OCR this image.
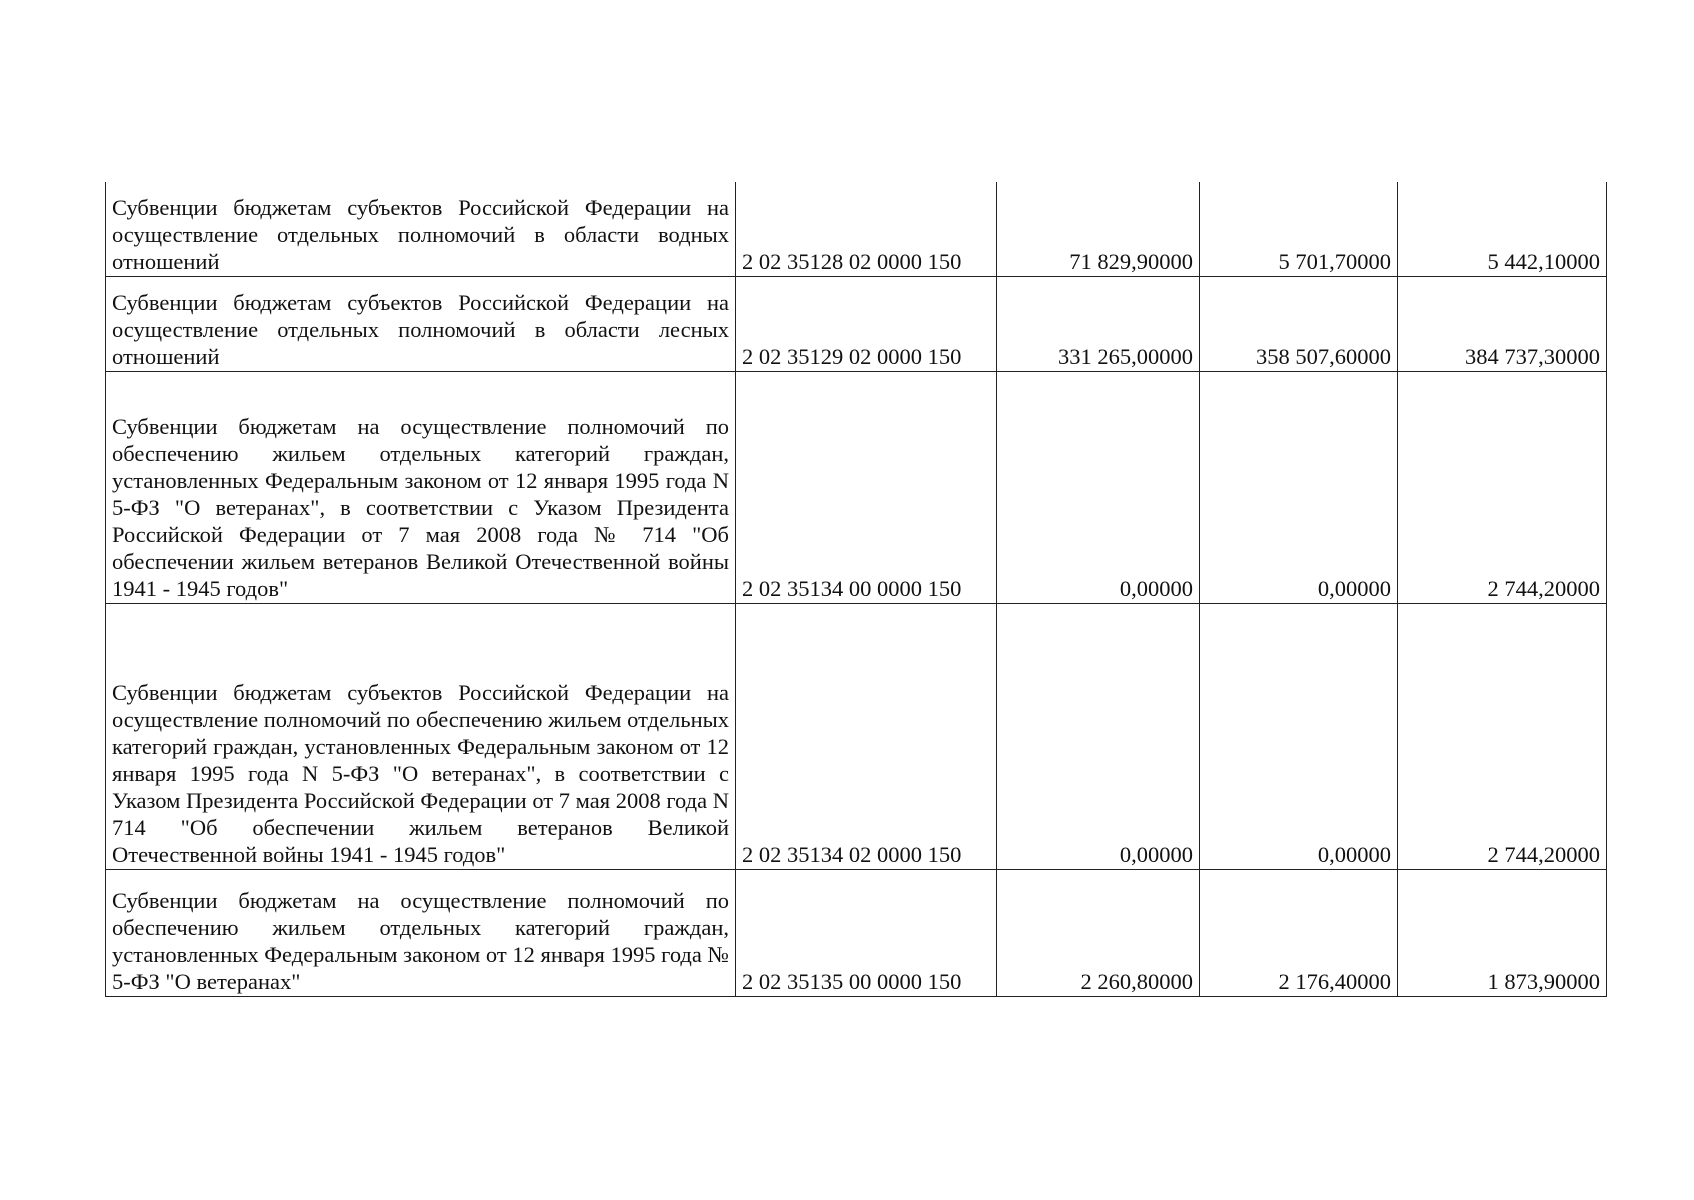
Субвенции бюджетам субъектов Российской Федерации на осуществление отдельных полномочий в области водных отношений	2 02 35128 02 0000 150	71 829,90000	5 701,70000	5 442,10000
Субвенции бюджетам субъектов Российской Федерации на осуществление отдельных полномочий в области лесных отношений	2 02 35129 02 0000 150	331 265,00000	358 507,60000	384 737,30000
Субвенции бюджетам на осуществление полномочий по обеспечению жильем отдельных категорий граждан, установленных Федеральным законом от 12 января 1995 года N 5-ФЗ "О ветеранах", в соответствии с Указом Президента Российской Федерации от 7 мая 2008 года № 714 "Об обеспечении жильем ветеранов Великой Отечественной войны 1941 - 1945 годов"	2 02 35134 00 0000 150	0,00000	0,00000	2 744,20000
Субвенции бюджетам субъектов Российской Федерации на осуществление полномочий по обеспечению жильем отдельных категорий граждан, установленных Федеральным законом от 12 января 1995 года N 5-ФЗ "О ветеранах", в соответствии с Указом Президента Российской Федерации от 7 мая 2008 года N 714 "Об обеспечении жильем ветеранов Великой Отечественной войны 1941 - 1945 годов"	2 02 35134 02 0000 150	0,00000	0,00000	2 744,20000
Субвенции бюджетам на осуществление полномочий по обеспечению жильем отдельных категорий граждан, установленных Федеральным законом от 12 января 1995 года № 5-ФЗ "О ветеранах"	2 02 35135 00 0000 150	2 260,80000	2 176,40000	1 873,90000
